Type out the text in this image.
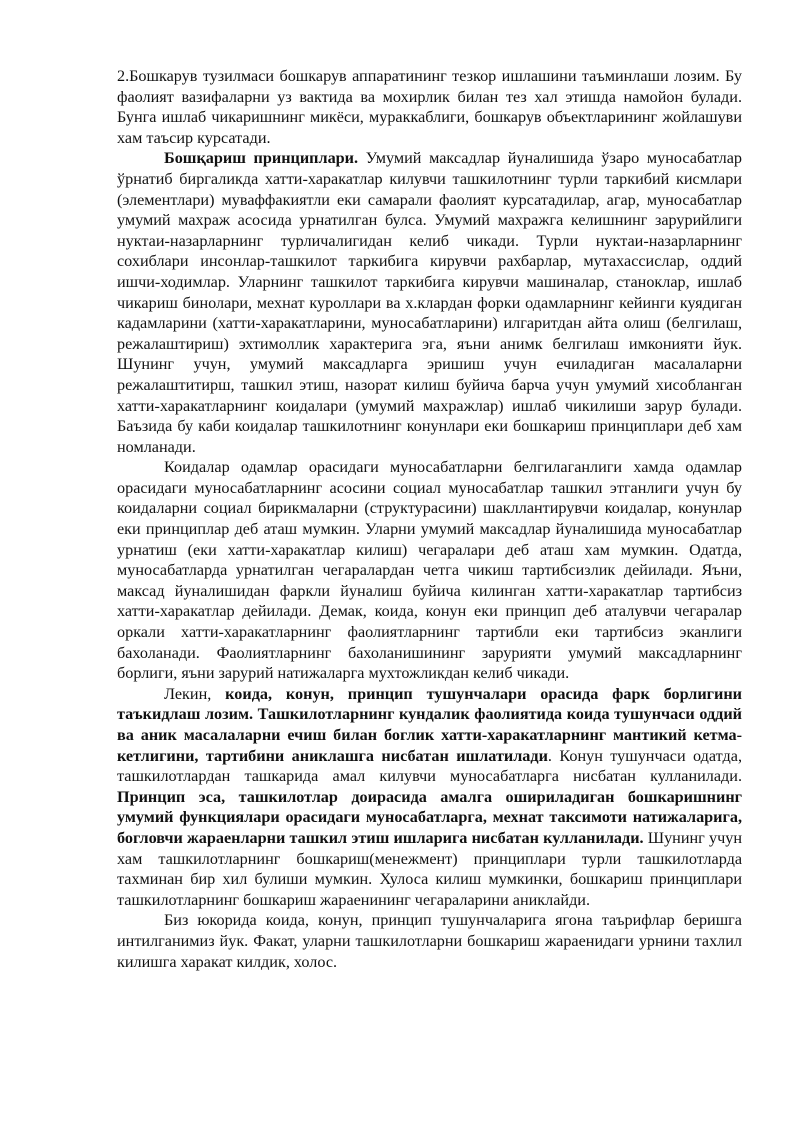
2.Бошкарув тузилмаси бошкарув аппаратининг тезкор ишлашини таъминлаши лозим. Бу фаолият вазифаларни уз вактида ва мохирлик билан тез хал этишда намойон булади. Бунга ишлаб чикаришнинг микёси, мураккаблиги, бошкарув объектларининг жойлашуви хам таъсир курсатади.

Бошқариш принциплари. Умумий максадлар йуналишида ўзаро муносабатлар ўрнатиб биргаликда хатти-харакатлар килувчи ташкилотнинг турли таркибий кисмлари (элементлари) муваффакиятли еки самарали фаолият курсатадилар, агар, муносабатлар умумий махраж асосида урнатилган булса. Умумий махражга келишнинг зарурийлиги нуктаи-назарларнинг турличалигидан келиб чикади. Турли нуктаи-назарларнинг сохиблари инсонлар-ташкилот таркибига кирувчи рахбарлар, мутахассислар, оддий ишчи-ходимлар. Уларнинг ташкилот таркибига кирувчи машиналар, станоклар, ишлаб чикариш бинолари, мехнат куроллари ва х.клардан форки одамларнинг кейинги куядиган кадамларини (хатти-харакатларини, муносабатларини) илгаритдан айта олиш (белгилаш, режалаштириш) эхтимоллик характерига эга, яъни анимк белгилаш имконияти йук. Шунинг учун, умумий максадларга эришиш учун ечиладиган масалаларни режалаштитирш, ташкил этиш, назорат килиш буйича барча учун умумий хисобланган хатти-харакатларнинг коидалари (умумий махражлар) ишлаб чикилиши зарур булади. Баъзида бу каби коидалар ташкилотнинг конунлари еки бошкариш принциплари деб хам номланади.

Коидалар одамлар орасидаги муносабатларни белгилаганлиги хамда одамлар орасидаги муносабатларнинг асосини социал муносабатлар ташкил этганлиги учун бу коидаларни социал бирикмаларни (структурасини) шакллантирувчи коидалар, конунлар еки принциплар деб аташ мумкин. Уларни умумий максадлар йуналишида муносабатлар урнатиш (еки хатти-харакатлар килиш) чегаралари деб аташ хам мумкин. Одатда, муносабатларда урнатилган чегаралардан четга чикиш тартибсизлик дейилади. Яъни, максад йуналишидан фаркли йуналиш буйича килинган хатти-харакатлар тартибсиз хатти-харакатлар дейилади. Демак, коида, конун еки принцип деб аталувчи чегаралар оркали хатти-харакатларнинг фаолиятларнинг тартибли еки тартибсиз эканлиги бахоланади. Фаолиятларнинг бахоланишининг зарурияти умумий максадларнинг борлиги, яъни зарурий натижаларга мухтожликдан келиб чикади.

Лекин, коида, конун, принцип тушунчалари орасида фарк борлигини таъкидлаш лозим. Ташкилотларнинг кундалик фаолиятида коида тушунчаси оддий ва аник масалаларни ечиш билан боглик хатти-харакатларнинг мантикий кетма-кетлигини, тартибини аниклашга нисбатан ишлатилади. Конун тушунчаси одатда, ташкилотлардан ташкарида амал килувчи муносабатларга нисбатан кулланилади. Принцип эса, ташкилотлар доирасида амалга ошириладиган бошкаришнинг умумий функциялари орасидаги муносабатларга, мехнат таксимоти натижаларига, богловчи жараенларни ташкил этиш ишларига нисбатан кулланилади. Шунинг учун хам ташкилотларнинг бошкариш(менежмент) принциплари турли ташкилотларда тахминан бир хил булиши мумкин. Хулоса килиш мумкинки, бошкариш принциплари ташкилотларнинг бошкариш жараенининг чегараларини аниклайди.

Биз юкорида коида, конун, принцип тушунчаларига ягона таърифлар беришга интилганимиз йук. Факат, уларни ташкилотларни бошкариш жараенидаги урнини тахлил килишга харакат килдик, холос.
